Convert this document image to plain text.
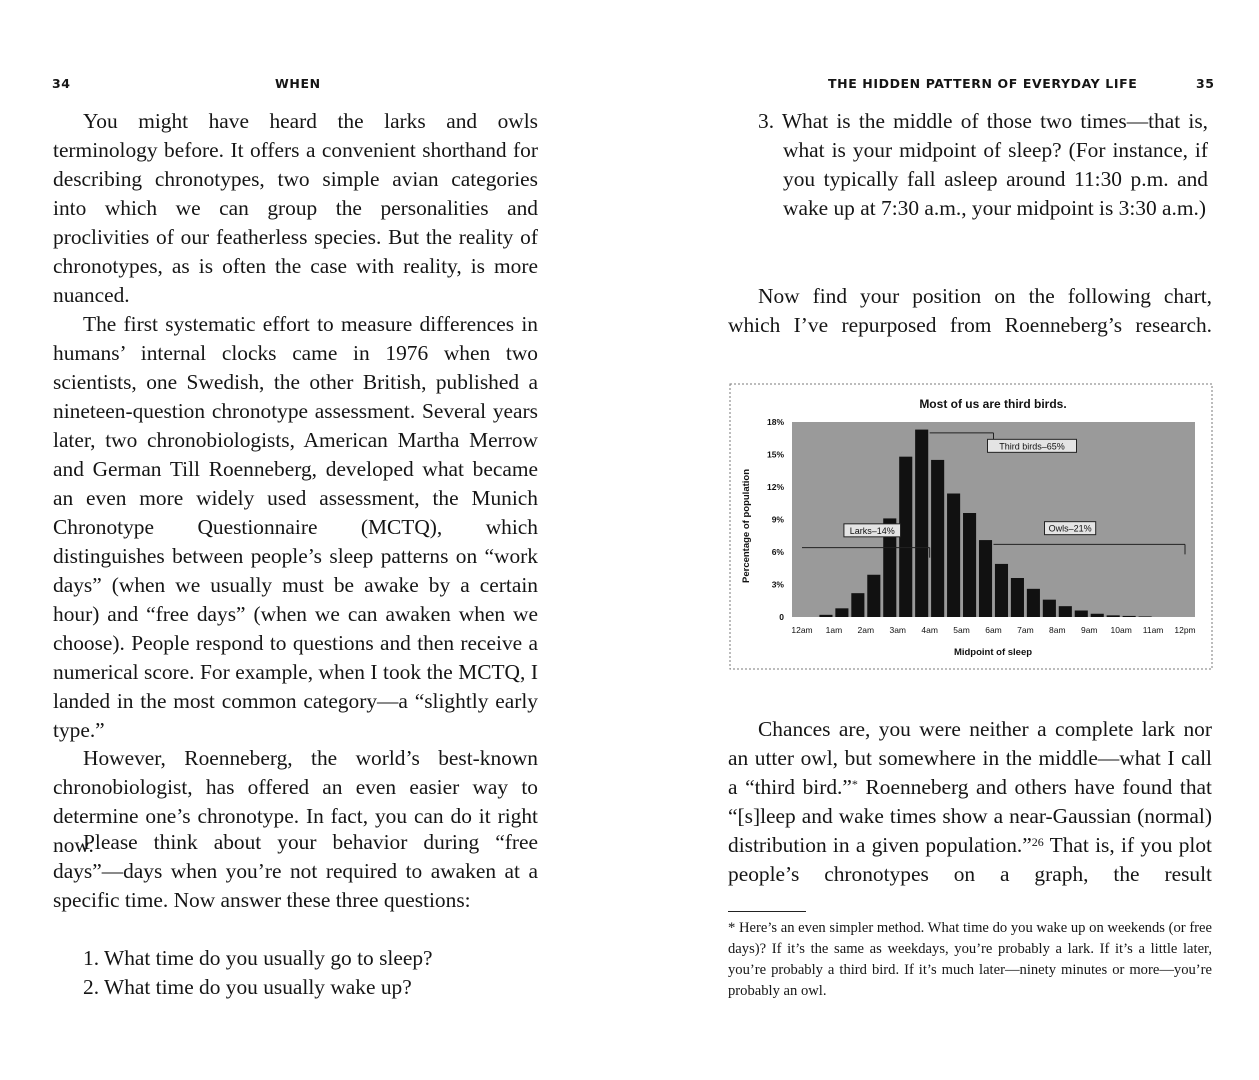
34	WHEN

You might have heard the larks and owls terminology before. It offers a convenient shorthand for describing chronotypes, two simple avian categories into which we can group the personalities and proclivities of our featherless species. But the reality of chronotypes, as is often the case with reality, is more nuanced.

The first systematic effort to measure differences in humans’ internal clocks came in 1976 when two scientists, one Swedish, the other British, published a nineteen-question chronotype assessment. Several years later, two chronobiologists, American Martha Merrow and German Till Roenneberg, developed what became an even more widely used assessment, the Munich Chronotype Questionnaire (MCTQ), which distinguishes between people’s sleep patterns on “work days” (when we usually must be awake by a certain hour) and “free days” (when we can awaken when we choose). People respond to questions and then receive a numerical score. For example, when I took the MCTQ, I landed in the most common category—a “slightly early type.”

However, Roenneberg, the world’s best-known chronobiologist, has offered an even easier way to determine one’s chronotype. In fact, you can do it right now.

Please think about your behavior during “free days”—days when you’re not required to awaken at a specific time. Now answer these three questions:

1. What time do you usually go to sleep?

2. What time do you usually wake up?

THE HIDDEN PATTERN OF EVERYDAY LIFE	35

3. What is the middle of those two times—that is, what is your midpoint of sleep? (For instance, if you typically fall asleep around 11:30 p.m. and wake up at 7:30 a.m., your midpoint is 3:30 a.m.)

Now find your position on the following chart, which I’ve repurposed from Roenneberg’s research.

Most of us are third birds.
0
3%
6%
9%
12%
15%
18%
12am 1am 2am 3am 4am 5am 6am 7am 8am 9am 10am 11am 12pm
Larks–14%
Third birds–65%
Owls–21%
Percentage of population
Midpoint of sleep

Chances are, you were neither a complete lark nor an utter owl, but somewhere in the middle—what I call a “third bird.”* Roenneberg and others have found that “[s]leep and wake times show a near-Gaussian (normal) distribution in a given population.”$^{26}$ That is, if you plot people’s chronotypes on a graph, the result

* Here’s an even simpler method. What time do you wake up on weekends (or free days)? If it’s the same as weekdays, you’re probably a lark. If it’s a little later, you’re probably a third bird. If it’s much later—ninety minutes or more—you’re probably an owl.
